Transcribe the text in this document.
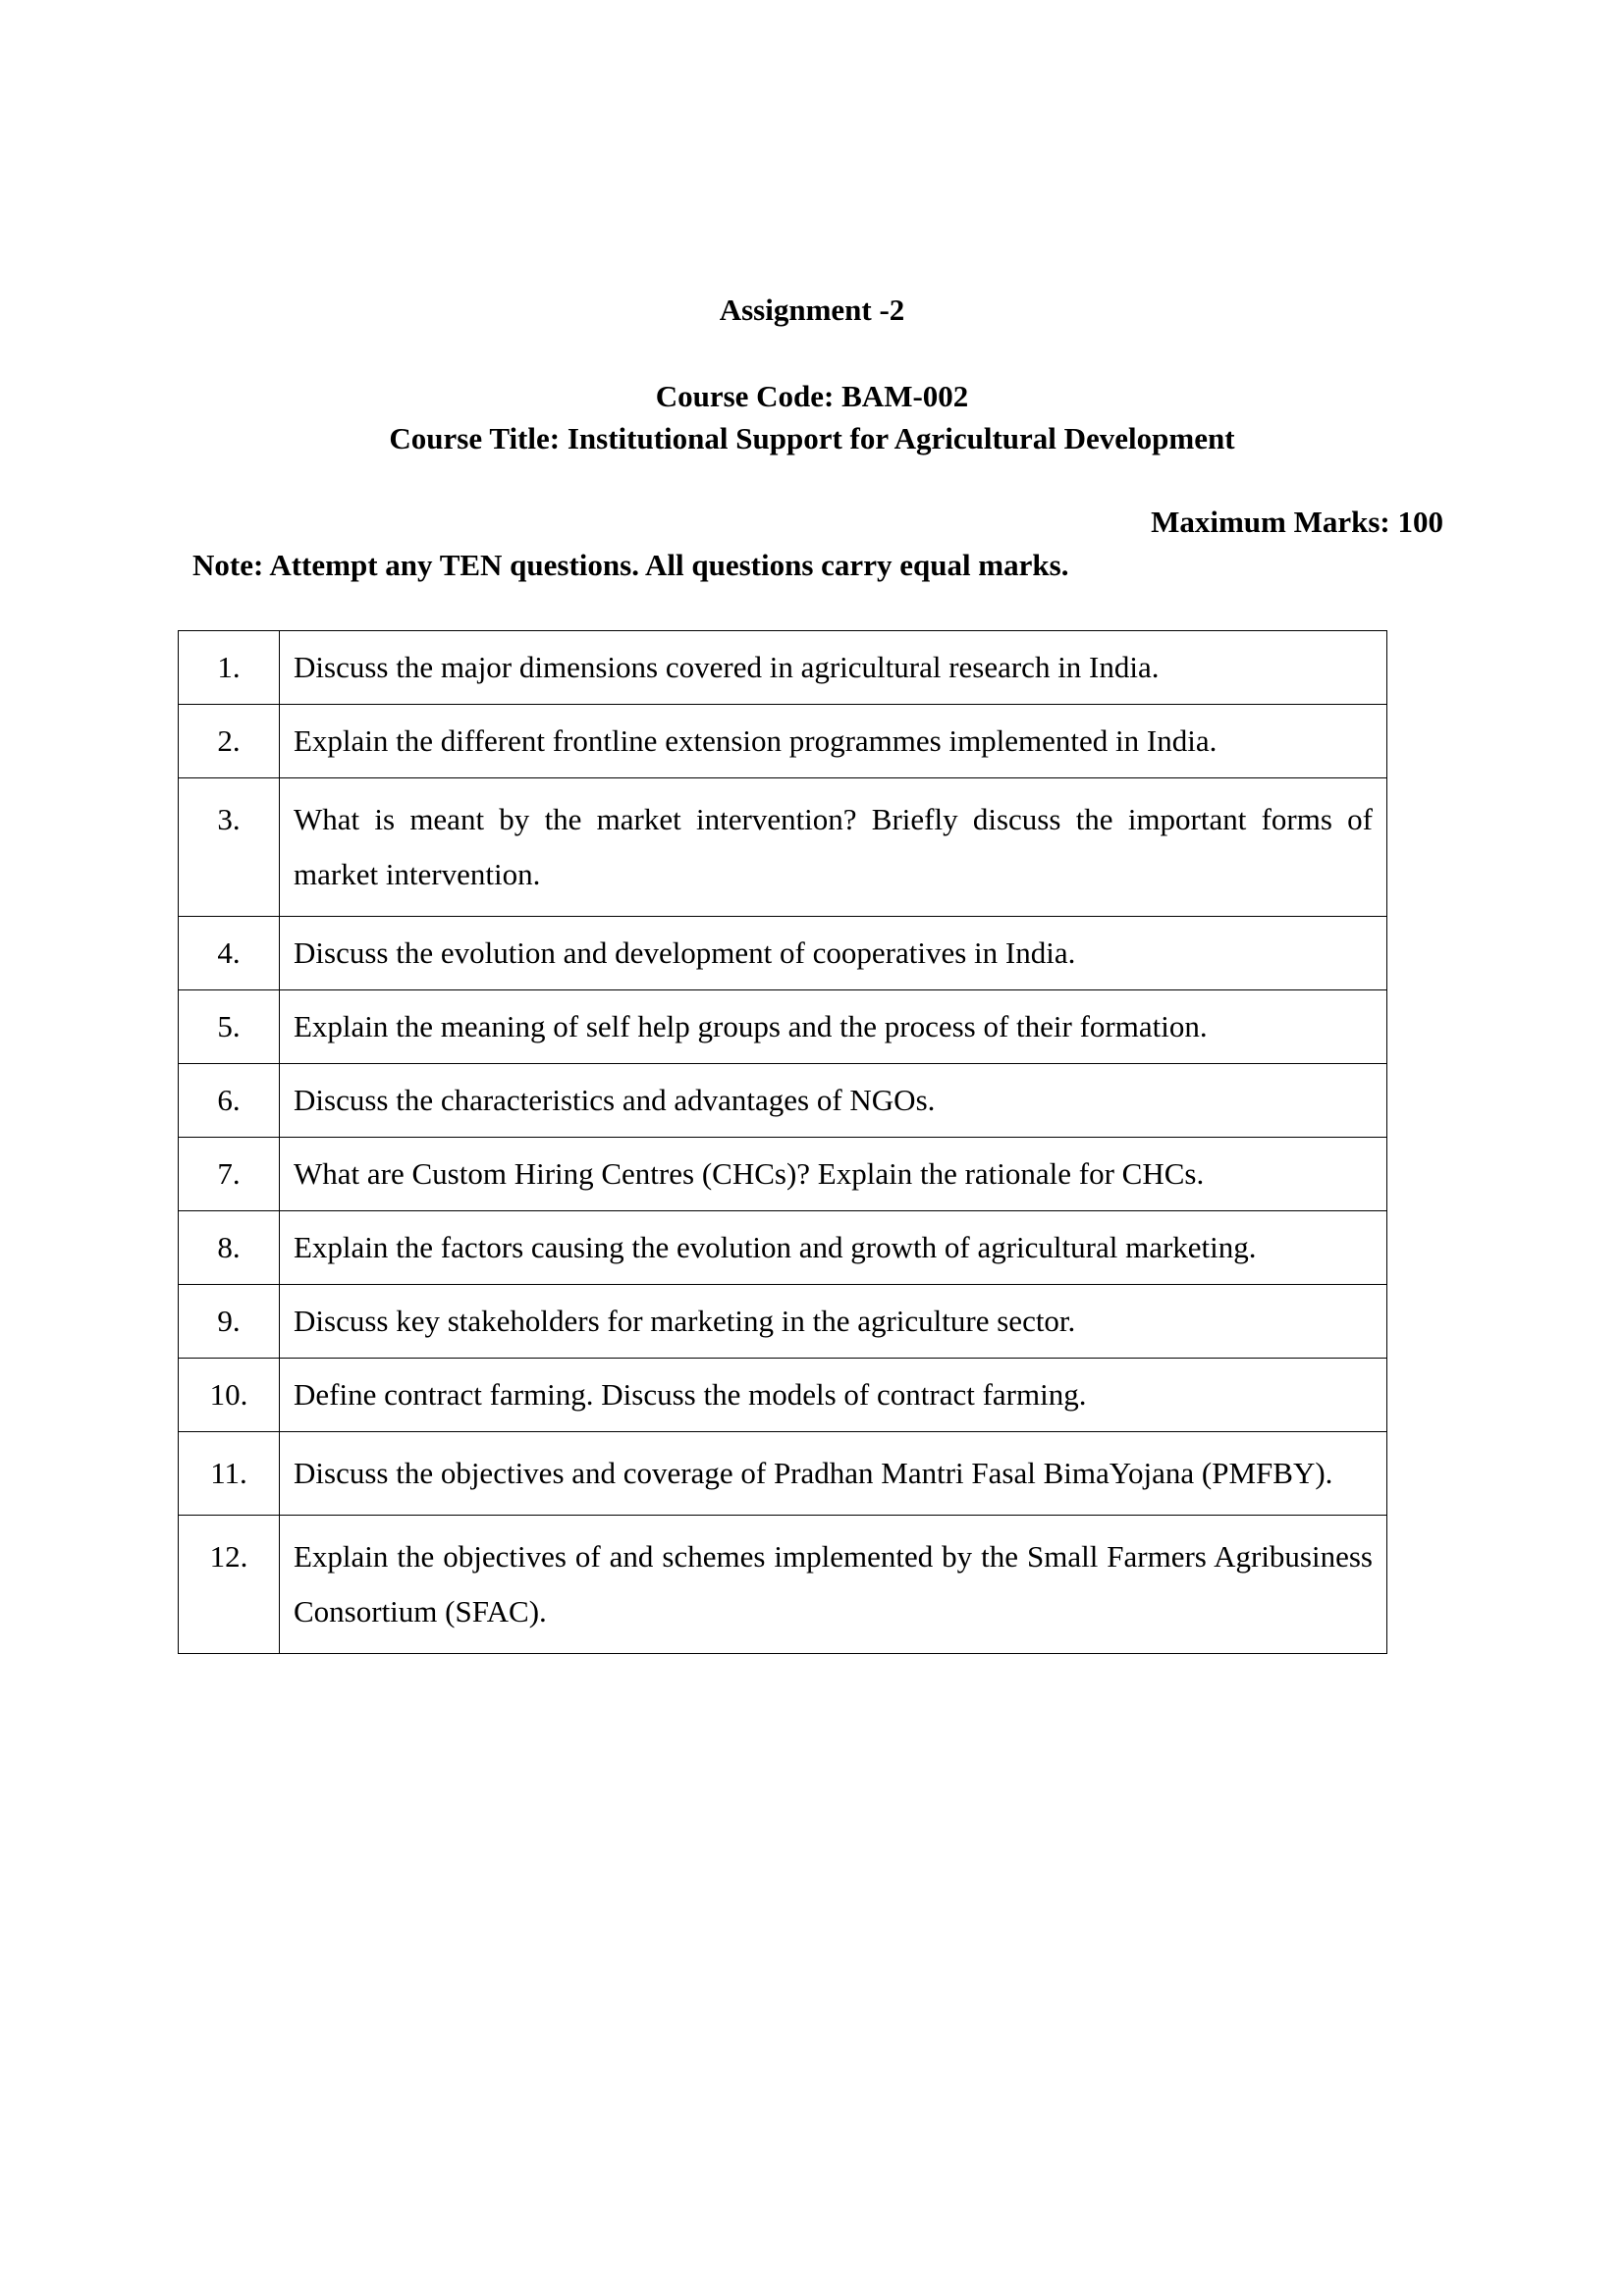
Assignment -2
Course Code: BAM-002
Course Title: Institutional Support for Agricultural Development
Maximum Marks: 100
Note: Attempt any TEN questions. All questions carry equal marks.
1.	Discuss the major dimensions covered in agricultural research in India.

2.	Explain the different frontline extension programmes implemented in India.

3.	What is meant by the market intervention? Briefly discuss the important forms of market intervention.

4.	Discuss the evolution and development of cooperatives in India.

5.	Explain the meaning of self help groups and the process of their formation.

6.	Discuss the characteristics and advantages of NGOs.

7.	What are Custom Hiring Centres (CHCs)? Explain the rationale for CHCs.

8.	Explain the factors causing the evolution and growth of agricultural marketing.

9.	Discuss key stakeholders for marketing in the agriculture sector.

10.	Define contract farming. Discuss the models of contract farming.

11.	Discuss the objectives and coverage of Pradhan Mantri Fasal BimaYojana (PMFBY).

12.	Explain the objectives of and schemes implemented by the Small Farmers Agribusiness Consortium (SFAC).
